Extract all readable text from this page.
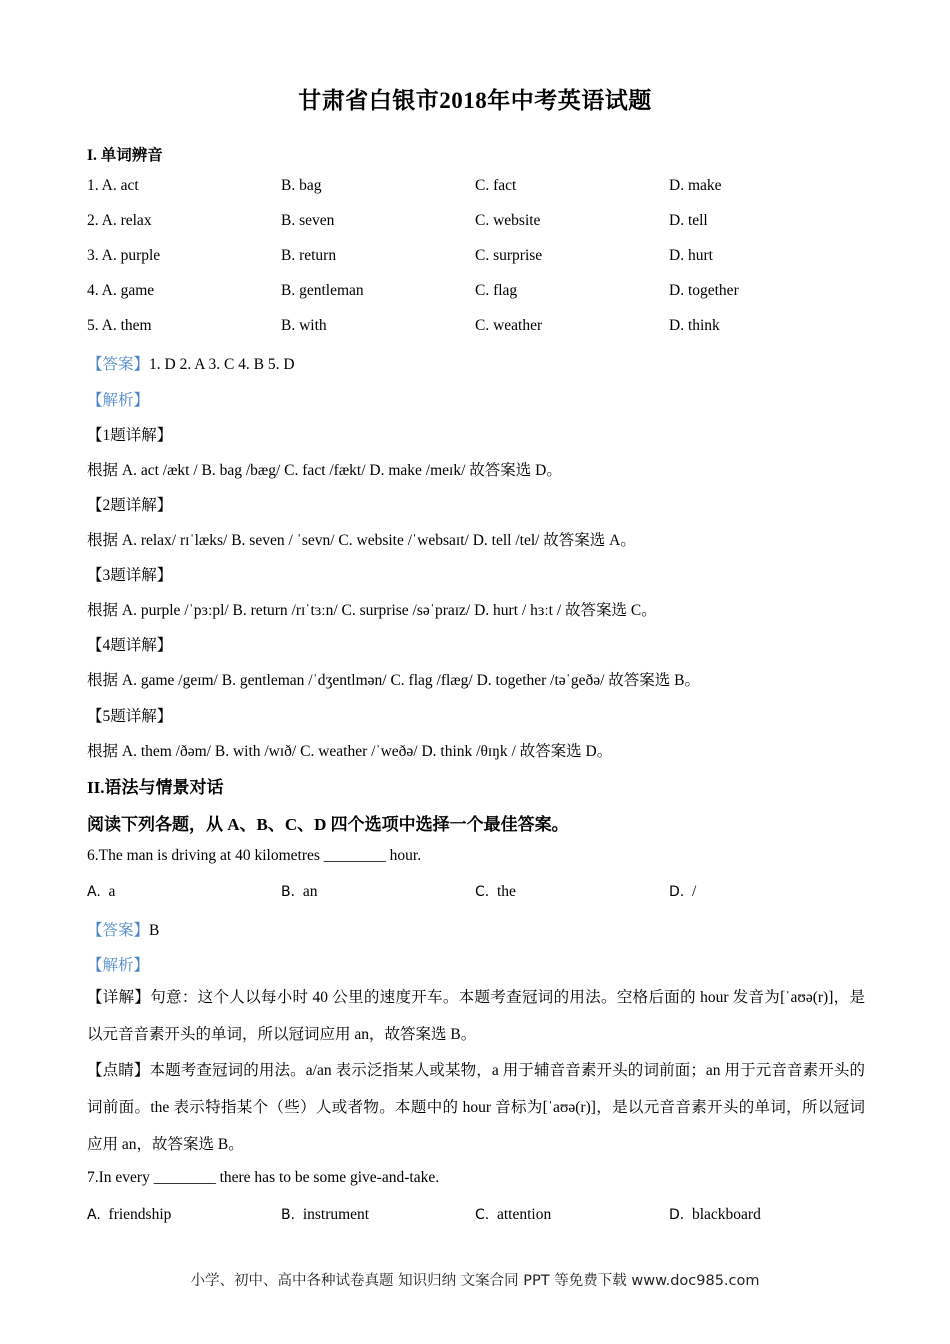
甘肃省白银市2018年中考英语试题
I. 单词辨音
1. A. act	B. bag	C. fact	D. make
2. A. relax	B. seven	C. website	D. tell
3. A. purple	B. return	C. surprise	D. hurt
4. A. game	B. gentleman	C. flag	D. together
5. A. them	B. with	C. weather	D. think
【答案】1. D 2. A 3. C 4. B 5. D
【解析】
【1题详解】
根据 A. act /ækt / B. bag /bæg/ C. fact /fækt/ D. make /meɪk/ 故答案选 D。
【2题详解】
根据 A. relax/ rɪˈlæks/ B. seven / ˈsevn/ C. website /ˈwebsaɪt/ D. tell /tel/ 故答案选 A。
【3题详解】
根据 A. purple /ˈpɜːpl/ B. return /rɪˈtɜːn/ C. surprise /səˈpraɪz/ D. hurt / hɜːt / 故答案选 C。
【4题详解】
根据 A. game /geɪm/ B. gentleman /ˈdʒentlmən/ C. flag /flæg/ D. together /təˈgeðə/ 故答案选 B。
【5题详解】
根据 A. them /ðəm/ B. with /wɪð/ C. weather /ˈweðə/ D. think /θɪŋk / 故答案选 D。
II.语法与情景对话
阅读下列各题，从 A、B、C、D 四个选项中选择一个最佳答案。
6.The man is driving at 40 kilometres ________ hour.
A. a	B. an	C. the	D. /
【答案】B
【解析】
【详解】句意：这个人以每小时 40 公里的速度开车。本题考查冠词的用法。空格后面的 hour 发音为[ˈaʊə(r)]，是以元音音素开头的单词，所以冠词应用 an，故答案选 B。
【点睛】本题考查冠词的用法。a/an 表示泛指某人或某物，a 用于辅音音素开头的词前面；an 用于元音音素开头的词前面。the 表示特指某个（些）人或者物。本题中的 hour 音标为[ˈaʊə(r)]，是以元音音素开头的单词，所以冠词应用 an，故答案选 B。
7.In every ________ there has to be some give-and-take.
A. friendship	B. instrument	C. attention	D. blackboard
小学、初中、高中各种试卷真题 知识归纳 文案合同 PPT 等免费下载 www.doc985.com
